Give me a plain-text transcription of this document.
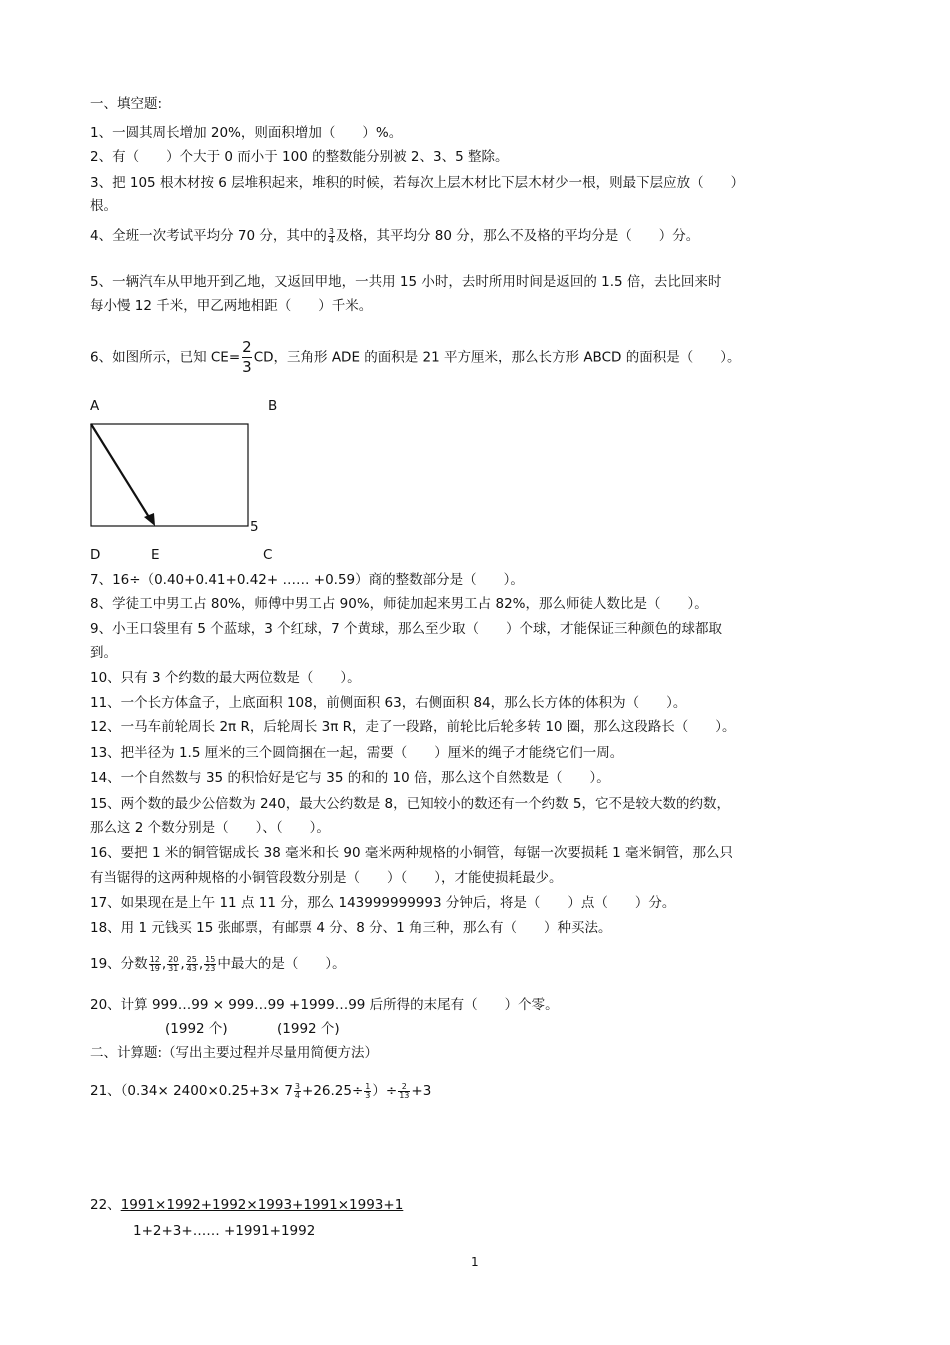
一、填空题:
1、一圆其周长增加 20%，则面积增加（　　）%。
2、有（　　）个大于 0 而小于 100 的整数能分别被 2、3、5 整除。
3、把 105 根木材按 6 层堆积起来，堆积的时候，若每次上层木材比下层木材少一根，则最下层应放（　　）
根。
4、全班一次考试平均分 70 分，其中的 $\frac{3}{4}$ 及格，其平均分 80 分，那么不及格的平均分是（　　）分。
5、一辆汽车从甲地开到乙地，又返回甲地，一共用 15 小时，去时所用时间是返回的 1.5 倍，去比回来时
每小慢 12 千米，甲乙两地相距（　　）千米。
6、如图所示，已知 $CE= \frac{2}{3}$ CD，三角形 ADE 的面积是 21 平方厘米，那么长方形 ABCD 的面积是（　　）。
A	B
5
D	E	C
7、16÷（0.40+0.41+0.42+ …… +0.59）商的整数部分是（　　）。
8、学徒工中男工占 80%，师傅中男工占 90%，师徒加起来男工占 82%，那么师徒人数比是（　　）。
9、小王口袋里有 5 个蓝球，3 个红球，7 个黄球，那么至少取（　　）个球，才能保证三种颜色的球都取
到。
10、只有 3 个约数的最大两位数是（　　）。
11、一个长方体盒子，上底面积 108，前侧面积 63，右侧面积 84，那么长方体的体积为（　　）。
12、一马车前轮周长 2π R，后轮周长 3π R，走了一段路，前轮比后轮多转 10 圈，那么这段路长（　　）。
13、把半径为 1.5 厘米的三个圆筒捆在一起，需要（　　）厘米的绳子才能绕它们一周。
14、一个自然数与 35 的积恰好是它与 35 的和的 10 倍，那么这个自然数是（　　）。
15、两个数的最少公倍数为 240，最大公约数是 8，已知较小的数还有一个约数 5，它不是较大数的约数，
那么这 2 个数分别是（　　）、（　　）。
16、要把 1 米的铜管锯成长 38 毫米和长 90 毫米两种规格的小铜管，每锯一次要损耗 1 毫米铜管，那么只
有当锯得的这两种规格的小铜管段数分别是（　　）（　　），才能使损耗最少。
17、如果现在是上午 11 点 11 分，那么 143999999993 分钟后，将是（　　）点（　　）分。
18、用 1 元钱买 15 张邮票，有邮票 4 分、8 分、1 角三种，那么有（　　）种买法。
19、分数 $\frac{12}{19}$ , $\frac{20}{31}$ , $\frac{25}{43}$ , $\frac{15}{23}$ 中最大的是（　　）。
20、计算 999…99 × 999…99 +1999…99 后所得的末尾有（　　）个零。
(1992 个)	(1992 个)
二、计算题:（写出主要过程并尽量用简便方法）
21、（$0.34\times 2400\times 0.25+3\times 7 \frac{3}{4} +26.25\div \frac{1}{3}$ ）÷ $\frac{2}{13} +3$
22、1991×1992+1992×1993+1991×1993+1
1+2+3+…… +1991+1992
1
